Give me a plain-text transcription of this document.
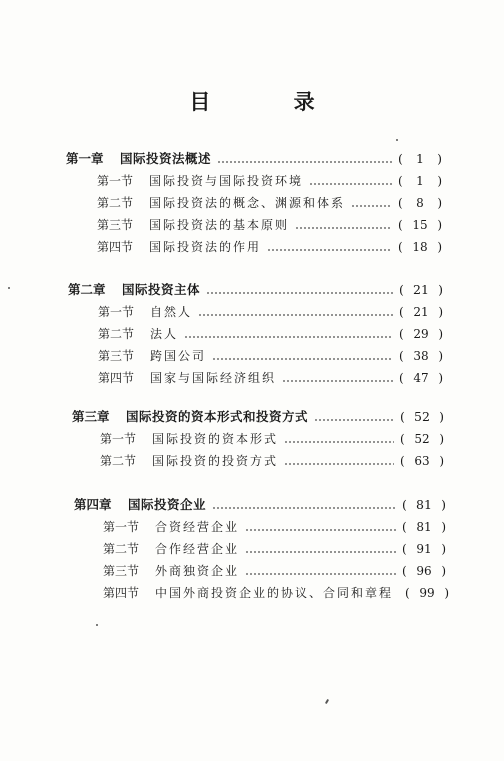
目 录
第一章	国际投资法概述	(	1	)
第一节	国际投资与国际投资环境	(	1	)
第二节	国际投资法的概念、渊源和体系	(	8	)
第三节	国际投资法的基本原则	( 15 )
第四节	国际投资法的作用	( 18 )
第二章	国际投资主体	( 21 )
第一节	自然人	( 21 )
第二节	法人	( 29 )
第三节	跨国公司	( 38 )
第四节	国家与国际经济组织	( 47 )
第三章	国际投资的资本形式和投资方式	( 52 )
第一节	国际投资的资本形式	( 52 )
第二节	国际投资的投资方式	( 63 )
第四章	国际投资企业	( 81 )
第一节	合资经营企业	( 81 )
第二节	合作经营企业	( 91 )
第三节	外商独资企业	( 96 )
第四节	中国外商投资企业的协议、合同和章程 ( 99 )
